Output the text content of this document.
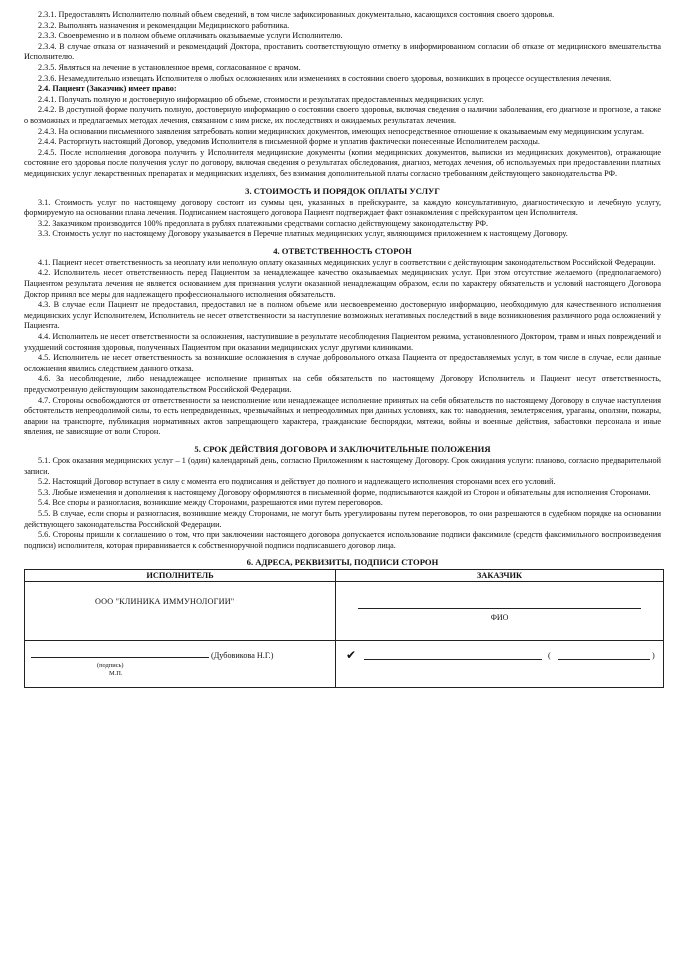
2.3.1. Предоставлять Исполнителю полный объем сведений, в том числе зафиксированных документально, касающихся состояния своего здоровья.

2.3.2. Выполнять назначения и рекомендации Медицинского работника.

2.3.3. Своевременно и в полном объеме оплачивать оказываемые услуги Исполнителю.

2.3.4. В случае отказа от назначений и рекомендаций Доктора, проставить соответствующую отметку в информированном согласии об отказе от медицинского вмешательства Исполнителю.

2.3.5. Являться на лечение в установленное время, согласованное с врачом.

2.3.6. Незамедлительно извещать Исполнителя о любых осложнениях или изменениях в состоянии своего здоровья, возникших в процессе осуществления лечения.

2.4. Пациент (Заказчик) имеет право:

2.4.1. Получать полную и достоверную информацию об объеме, стоимости и результатах предоставленных медицинских услуг.

2.4.2. В доступной форме получить полную, достоверную информацию о состоянии своего здоровья, включая сведения о наличии заболевания, его диагнозе и прогнозе, а также о возможных и предлагаемых методах лечения, связанном с ним риске, их последствиях и ожидаемых результатах лечения.

2.4.3. На основании письменного заявления затребовать копии медицинских документов, имеющих непосредственное отношение к оказываемым ему медицинским услугам.

2.4.4. Расторгнуть настоящий Договор, уведомив Исполнителя в письменной форме и уплатив фактически понесенные Исполнителем расходы.

2.4.5. После исполнения договора получить у Исполнителя медицинские документы (копии медицинских документов, выписки из медицинских документов), отражающие состояние его здоровья после получения услуг по договору, включая сведения о результатах обследования, диагноз, методах лечения, об используемых при предоставлении платных медицинских услуг лекарственных препаратах и медицинских изделиях, без взимания дополнительной платы согласно требованиям действующего законодательства РФ.

3. СТОИМОСТЬ И ПОРЯДОК ОПЛАТЫ УСЛУГ

3.1. Стоимость услуг по настоящему договору состоит из суммы цен, указанных в прейскуранте, за каждую консультативную, диагностическую и лечебную услугу, формируемую на основании плана лечения. Подписанием настоящего договора Пациент подтверждает факт ознакомления с прейскурантом цен Исполнителя.

3.2. Заказчиком производится 100% предоплата в рублях платежными средствами согласно действующему законодательству РФ.

3.3. Стоимость услуг по настоящему Договору указывается в Перечне платных медицинских услуг, являющимся приложением к настоящему Договору.

4. ОТВЕТСТВЕННОСТЬ СТОРОН

4.1. Пациент несет ответственность за неоплату или неполную оплату оказанных медицинских услуг в соответствии с действующим законодательством Российской Федерации.

4.2. Исполнитель несет ответственность перед Пациентом за ненадлежащее качество оказываемых медицинских услуг. При этом отсутствие желаемого (предполагаемого) Пациентом результата лечения не является основанием для признания услуги оказанной ненадлежащим образом, если по характеру обязательств и условий настоящего Договора Доктор принял все меры для надлежащего профессионального исполнения обязательств.

4.3. В случае если Пациент не предоставил, предоставил не в полном объеме или несвоевременно достоверную информацию, необходимую для качественного исполнения медицинских услуг Исполнителем, Исполнитель не несет ответственности за наступление возможных негативных последствий в виде возникновения различного рода осложнений у Пациента.

4.4. Исполнитель не несет ответственности за осложнения, наступившие в результате несоблюдения Пациентом режима, установленного Доктором, травм и иных повреждений и ухудшений состояния здоровья, полученных Пациентом при оказании медицинских услуг другими клиниками.

4.5. Исполнитель не несет ответственность за возникшие осложнения в случае добровольного отказа Пациента от предоставляемых услуг, в том числе в случае, если данные осложнения явились следствием данного отказа.

4.6. За несоблюдение, либо ненадлежащее исполнение принятых на себя обязательств по настоящему Договору Исполнитель и Пациент несут ответственность, предусмотренную действующим законодательством Российской Федерации.

4.7. Стороны освобождаются от ответственности за неисполнение или ненадлежащее исполнение принятых на себя обязательств по настоящему Договору в случае наступления обстоятельств непреодолимой силы, то есть непредвиденных, чрезвычайных и непреодолимых при данных условиях, как то: наводнения, землетрясения, ураганы, оползни, пожары, аварии на транспорте, публикация нормативных актов запрещающего характера, гражданские беспорядки, мятежи, войны и военные действия, забастовки персонала и иные явления, не зависящие от воли Сторон.

5. СРОК ДЕЙСТВИЯ ДОГОВОРА И ЗАКЛЮЧИТЕЛЬНЫЕ ПОЛОЖЕНИЯ

5.1. Срок оказания медицинских услуг – 1 (один) календарный день, согласно Приложениям к настоящему Договору. Срок ожидания услуги: планово, согласно предварительной записи.

5.2. Настоящий Договор вступает в силу с момента его подписания и действует до полного и надлежащего исполнения сторонами всех его условий.

5.3. Любые изменения и дополнения к настоящему Договору оформляются в письменной форме, подписываются каждой из Сторон и обязательны для исполнения Сторонами.

5.4. Все споры и разногласия, возникшие между Сторонами, разрешаются ими путем переговоров.

5.5. В случае, если споры и разногласия, возникшие между Сторонами, не могут быть урегулированы путем переговоров, то они разрешаются в судебном порядке на основании действующего законодательства Российской Федерации.

5.6. Стороны пришли к соглашению о том, что при заключении настоящего договора допускается использование подписи факсимиле (средств факсимильного воспроизведения подписи) исполнителя, которая приравнивается к собственноручной подписи подписавшего договор лица.

6. АДРЕСА, РЕКВИЗИТЫ, ПОДПИСИ СТОРОН

ИСПОЛНИТЕЛЬ	ЗАКАЗЧИК

ООО "КЛИНИКА ИММУНОЛОГИИ"	ФИО

(Дубовикова Н.Г.)
(подпись)
М.П.	✔ ( )
